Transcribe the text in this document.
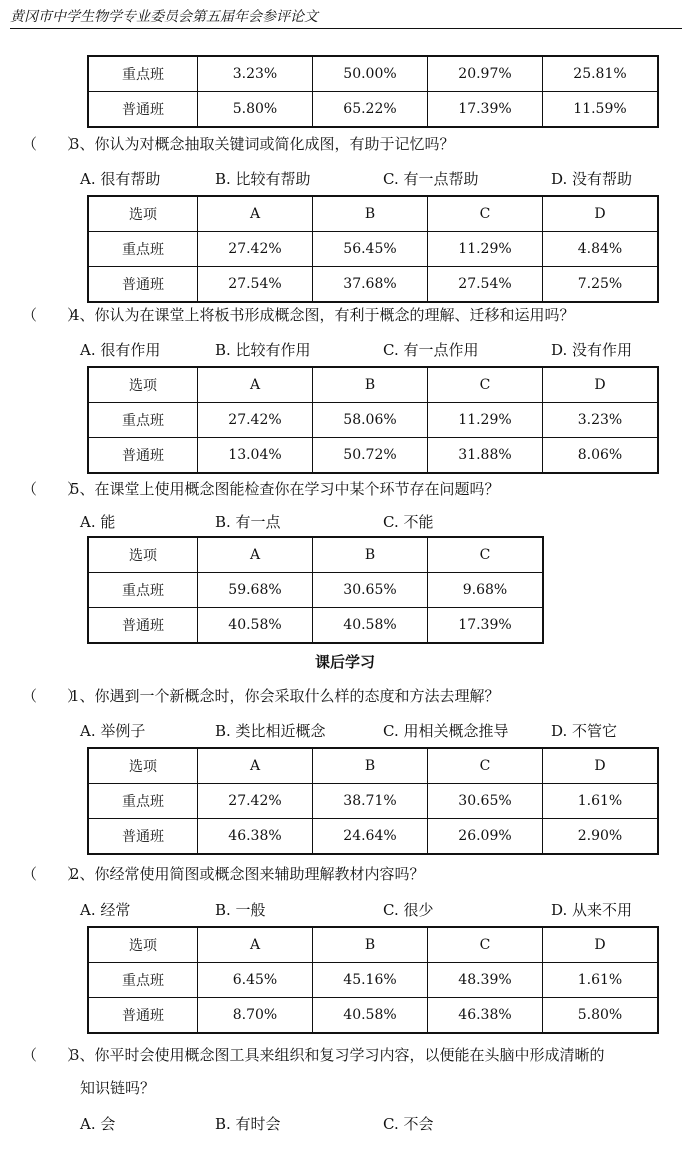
黄冈市中学生物学专业委员会第五届年会参评论文
重点班	3.23%	50.00%	20.97%	25.81%
普通班	5.80%	65.22%	17.39%	11.59%
（　　）3、你认为对概念抽取关键词或简化成图，有助于记忆吗？
A. 很有帮助	B. 比较有帮助	C. 有一点帮助	D. 没有帮助
选项	A	B	C	D
重点班	27.42%	56.45%	11.29%	4.84%
普通班	27.54%	37.68%	27.54%	7.25%
（　　）4、你认为在课堂上将板书形成概念图，有利于概念的理解、迁移和运用吗？
A. 很有作用	B. 比较有作用	C. 有一点作用	D. 没有作用
选项	A	B	C	D
重点班	27.42%	58.06%	11.29%	3.23%
普通班	13.04%	50.72%	31.88%	8.06%
（　　）5、在课堂上使用概念图能检查你在学习中某个环节存在问题吗？
A. 能	B. 有一点	C. 不能
选项	A	B	C
重点班	59.68%	30.65%	9.68%
普通班	40.58%	40.58%	17.39%
课后学习
（　　）1、你遇到一个新概念时，你会采取什么样的态度和方法去理解？
A. 举例子	B. 类比相近概念	C. 用相关概念推导	D. 不管它
选项	A	B	C	D
重点班	27.42%	38.71%	30.65%	1.61%
普通班	46.38%	24.64%	26.09%	2.90%
（　　）2、你经常使用简图或概念图来辅助理解教材内容吗？
A. 经常	B. 一般	C. 很少	D. 从来不用
选项	A	B	C	D
重点班	6.45%	45.16%	48.39%	1.61%
普通班	8.70%	40.58%	46.38%	5.80%
（　　）3、你平时会使用概念图工具来组织和复习学习内容，以便能在头脑中形成清晰的
知识链吗？
A. 会	B. 有时会	C. 不会
